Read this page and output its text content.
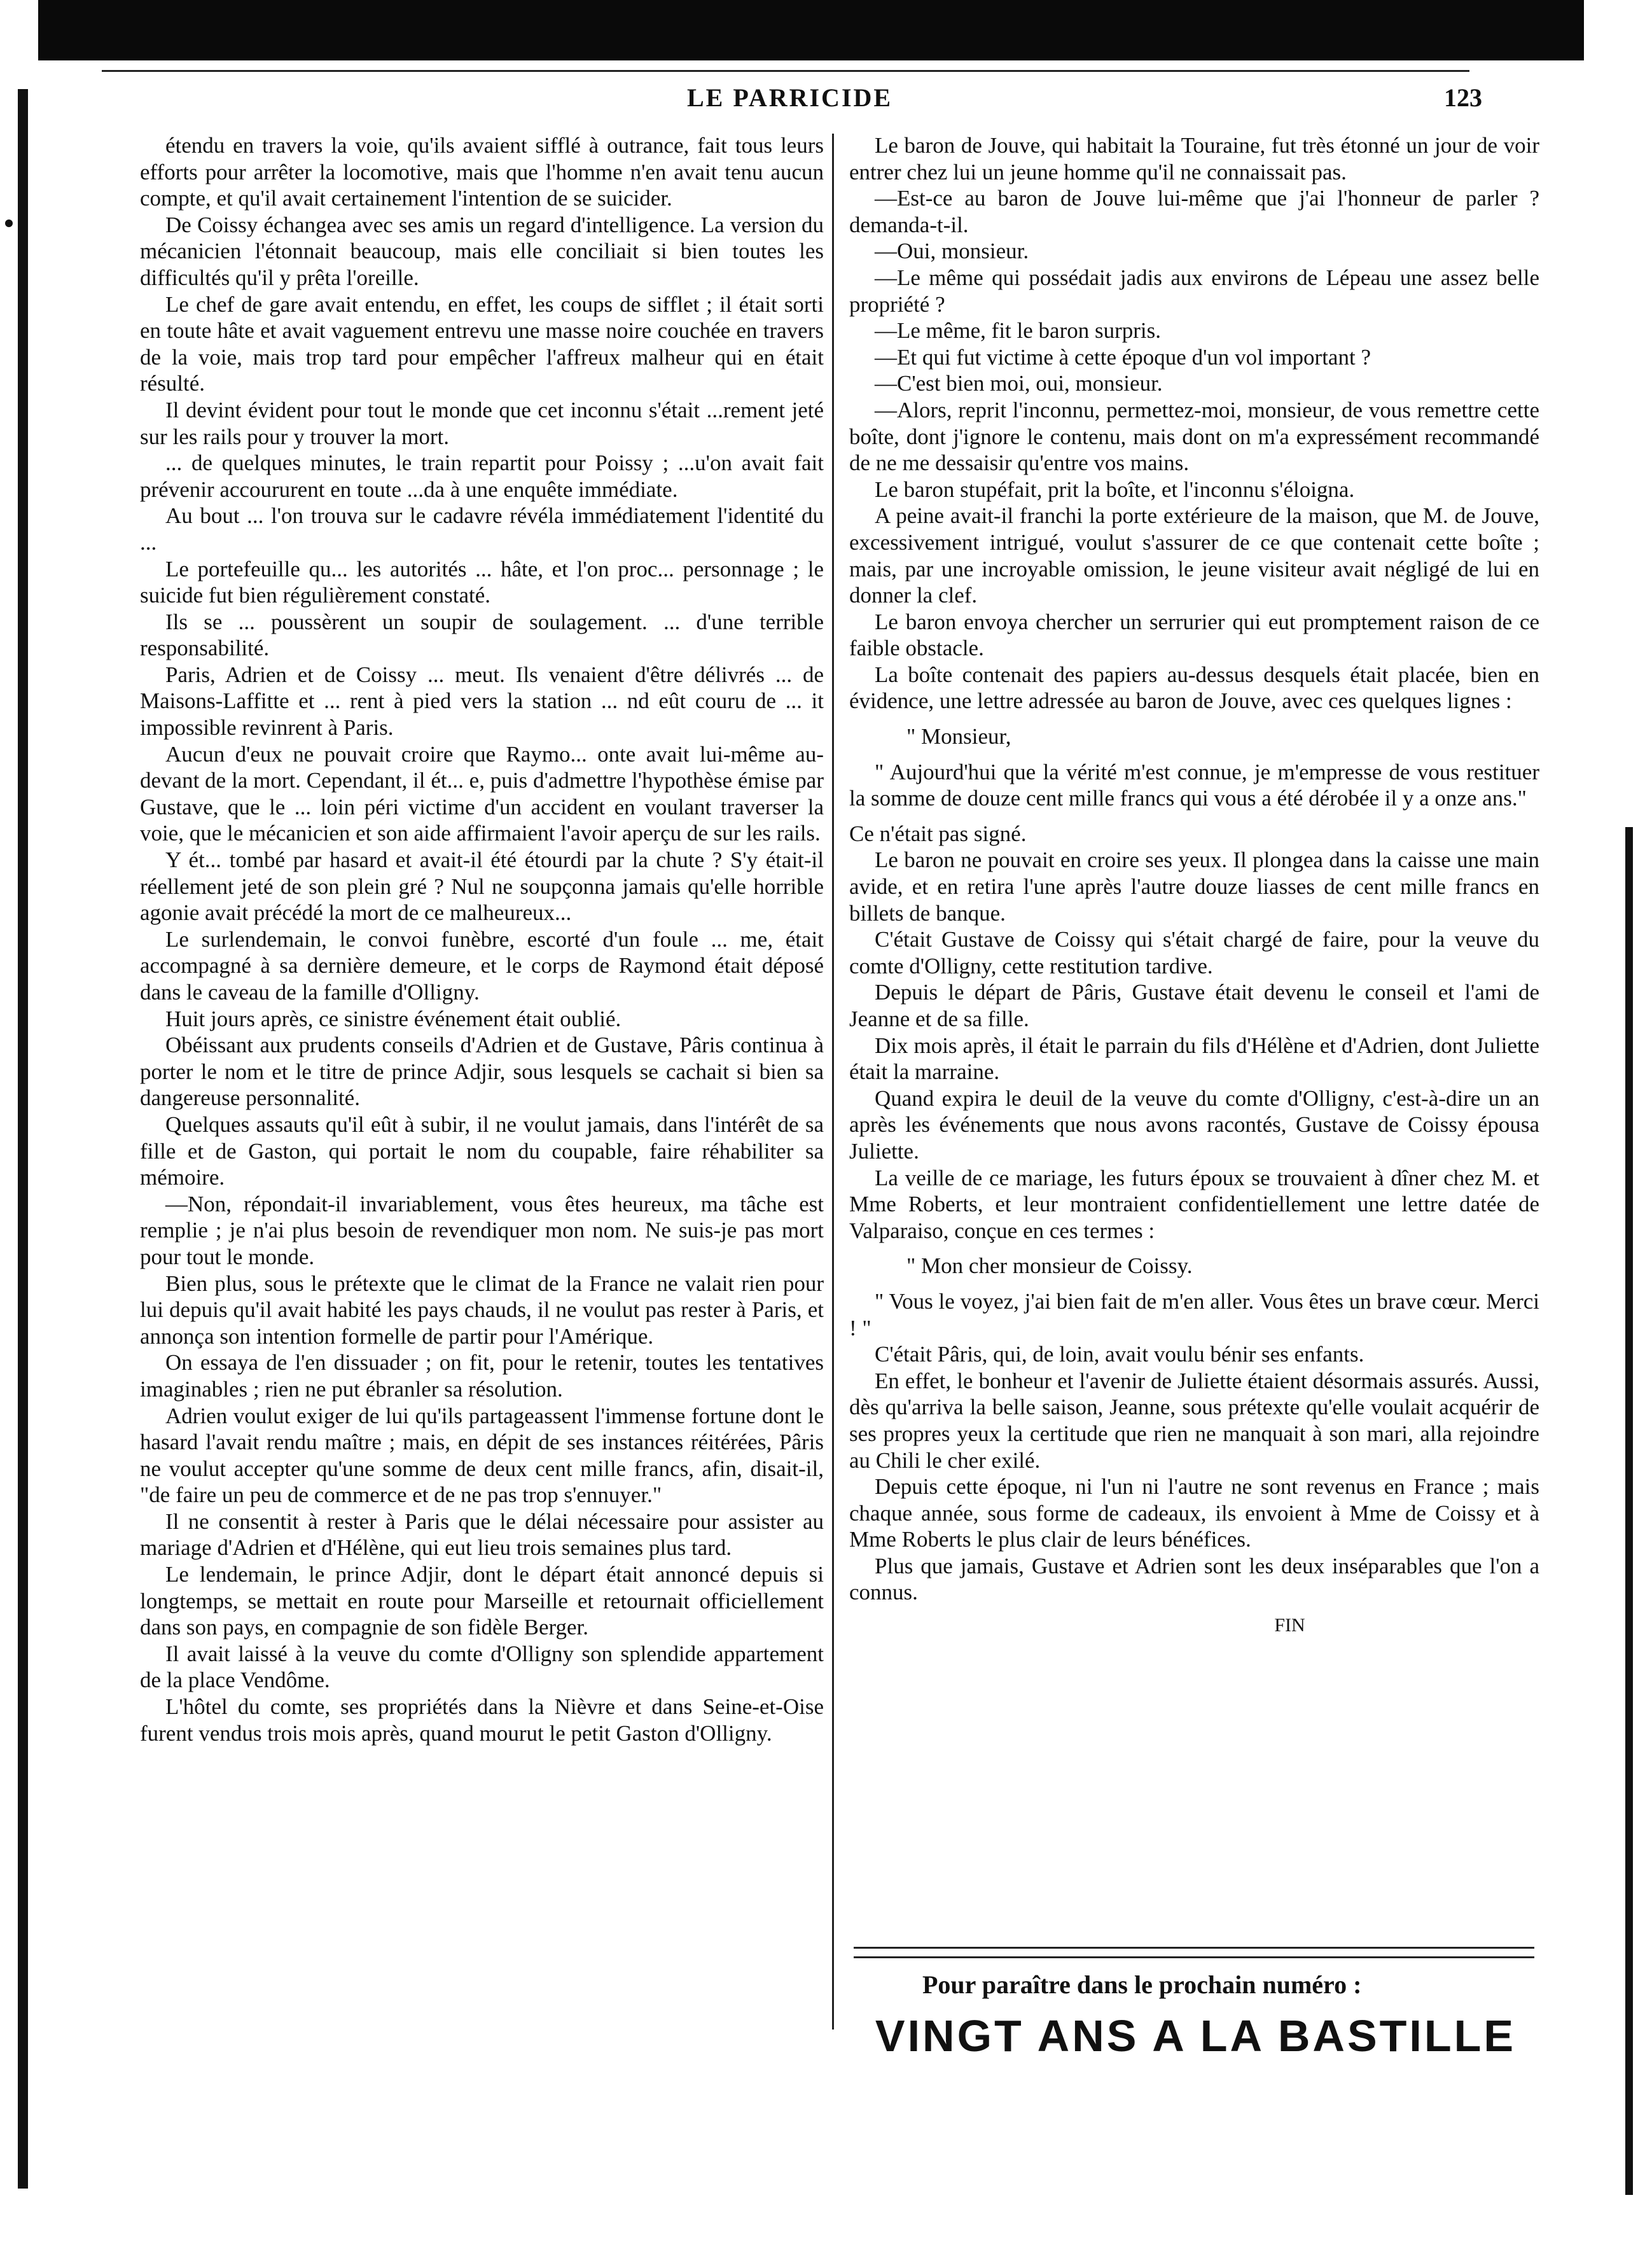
LE PARRICIDE	123

étendu en travers la voie, qu'ils avaient sifflé à outrance, fait tous leurs efforts pour arrêter la locomotive, mais que l'homme n'en avait tenu aucun compte, et qu'il avait certainement l'intention de se suicider.

De Coissy échangea avec ses amis un regard d'intelligence. La version du mécanicien l'étonnait beaucoup, mais elle conciliait si bien toutes les difficultés qu'il y prêta l'oreille.

Le chef de gare avait entendu, en effet, les coups de sifflet ; il était sorti en toute hâte et avait vaguement entrevu une masse noire couchée en travers de la voie, mais trop tard pour empêcher l'affreux malheur qui en était résulté.

Il devint évident pour tout le monde que cet inconnu s'était ...rement jeté sur les rails pour y trouver la mort.

... de quelques minutes, le train repartit pour Poissy ; ...u'on avait fait prévenir accoururent en toute ...da à une enquête immédiate.

Au bout ... l'on trouva sur le cadavre révéla immédiatement l'identité du ...

Le portefeuille qu... les autorités ... hâte, et l'on proc... personnage ; le suicide fut bien régulièrement constaté.

Ils se ... poussèrent un soupir de soulagement. ... d'une terrible responsabilité.

Paris, Adrien et de Coissy ... meut. Ils venaient d'être délivrés ... de Maisons-Laffitte et ... rent à pied vers la station ... nd eût couru de ... it impossible revinrent à Paris.

Aucun d'eux ne pouvait croire que Raymo... onte avait lui-même au-devant de la mort. Cependant, il ét... e, puis d'admettre l'hypothèse émise par Gustave, que le ... loin péri victime d'un accident en voulant traverser la voie, que le mécanicien et son aide affirmaient l'avoir aperçu de sur les rails.

Y ét... tombé par hasard et avait-il été étourdi par la chute ? S'y était-il réellement jeté de son plein gré ? Nul ne soupçonna jamais qu'elle horrible agonie avait précédé la mort de ce malheureux...

Le surlendemain, le convoi funèbre, escorté d'un foule ... me, était accompagné à sa dernière demeure, et le corps de Raymond était déposé dans le caveau de la famille d'Olligny.

Huit jours après, ce sinistre événement était oublié.

Obéissant aux prudents conseils d'Adrien et de Gustave, Pâris continua à porter le nom et le titre de prince Adjir, sous lesquels se cachait si bien sa dangereuse personnalité.

Quelques assauts qu'il eût à subir, il ne voulut jamais, dans l'intérêt de sa fille et de Gaston, qui portait le nom du coupable, faire réhabiliter sa mémoire.

—Non, répondait-il invariablement, vous êtes heureux, ma tâche est remplie ; je n'ai plus besoin de revendiquer mon nom. Ne suis-je pas mort pour tout le monde.

Bien plus, sous le prétexte que le climat de la France ne valait rien pour lui depuis qu'il avait habité les pays chauds, il ne voulut pas rester à Paris, et annonça son intention formelle de partir pour l'Amérique.

On essaya de l'en dissuader ; on fit, pour le retenir, toutes les tentatives imaginables ; rien ne put ébranler sa résolution.

Adrien voulut exiger de lui qu'ils partageassent l'immense fortune dont le hasard l'avait rendu maître ; mais, en dépit de ses instances réitérées, Pâris ne voulut accepter qu'une somme de deux cent mille francs, afin, disait-il, "de faire un peu de commerce et de ne pas trop s'ennuyer."

Il ne consentit à rester à Paris que le délai nécessaire pour assister au mariage d'Adrien et d'Hélène, qui eut lieu trois semaines plus tard.

Le lendemain, le prince Adjir, dont le départ était annoncé depuis si longtemps, se mettait en route pour Marseille et retournait officiellement dans son pays, en compagnie de son fidèle Berger.

Il avait laissé à la veuve du comte d'Olligny son splendide appartement de la place Vendôme.

L'hôtel du comte, ses propriétés dans la Nièvre et dans Seine-et-Oise furent vendus trois mois après, quand mourut le petit Gaston d'Olligny.

Le baron de Jouve, qui habitait la Touraine, fut très étonné un jour de voir entrer chez lui un jeune homme qu'il ne connaissait pas.

—Est-ce au baron de Jouve lui-même que j'ai l'honneur de parler ? demanda-t-il.

—Oui, monsieur.

—Le même qui possédait jadis aux environs de Lépeau une assez belle propriété ?

—Le même, fit le baron surpris.

—Et qui fut victime à cette époque d'un vol important ?

—C'est bien moi, oui, monsieur.

—Alors, reprit l'inconnu, permettez-moi, monsieur, de vous remettre cette boîte, dont j'ignore le contenu, mais dont on m'a expressément recommandé de ne me dessaisir qu'entre vos mains.

Le baron stupéfait, prit la boîte, et l'inconnu s'éloigna.

A peine avait-il franchi la porte extérieure de la maison, que M. de Jouve, excessivement intrigué, voulut s'assurer de ce que contenait cette boîte ; mais, par une incroyable omission, le jeune visiteur avait négligé de lui en donner la clef.

Le baron envoya chercher un serrurier qui eut promptement raison de ce faible obstacle.

La boîte contenait des papiers au-dessus desquels était placée, bien en évidence, une lettre adressée au baron de Jouve, avec ces quelques lignes :

" Monsieur,

" Aujourd'hui que la vérité m'est connue, je m'empresse de vous restituer la somme de douze cent mille francs qui vous a été dérobée il y a onze ans."

Ce n'était pas signé.

Le baron ne pouvait en croire ses yeux. Il plongea dans la caisse une main avide, et en retira l'une après l'autre douze liasses de cent mille francs en billets de banque.

C'était Gustave de Coissy qui s'était chargé de faire, pour la veuve du comte d'Olligny, cette restitution tardive.

Depuis le départ de Pâris, Gustave était devenu le conseil et l'ami de Jeanne et de sa fille.

Dix mois après, il était le parrain du fils d'Hélène et d'Adrien, dont Juliette était la marraine.

Quand expira le deuil de la veuve du comte d'Olligny, c'est-à-dire un an après les événements que nous avons racontés, Gustave de Coissy épousa Juliette.

La veille de ce mariage, les futurs époux se trouvaient à dîner chez M. et Mme Roberts, et leur montraient confidentiellement une lettre datée de Valparaiso, conçue en ces termes :

" Mon cher monsieur de Coissy.

" Vous le voyez, j'ai bien fait de m'en aller. Vous êtes un brave cœur. Merci ! "

C'était Pâris, qui, de loin, avait voulu bénir ses enfants.

En effet, le bonheur et l'avenir de Juliette étaient désormais assurés. Aussi, dès qu'arriva la belle saison, Jeanne, sous prétexte qu'elle voulait acquérir de ses propres yeux la certitude que rien ne manquait à son mari, alla rejoindre au Chili le cher exilé.

Depuis cette époque, ni l'un ni l'autre ne sont revenus en France ; mais chaque année, sous forme de cadeaux, ils envoient à Mme de Coissy et à Mme Roberts le plus clair de leurs bénéfices.

Plus que jamais, Gustave et Adrien sont les deux inséparables que l'on a connus.

FIN

Pour paraître dans le prochain numéro :
VINGT ANS A LA BASTILLE
